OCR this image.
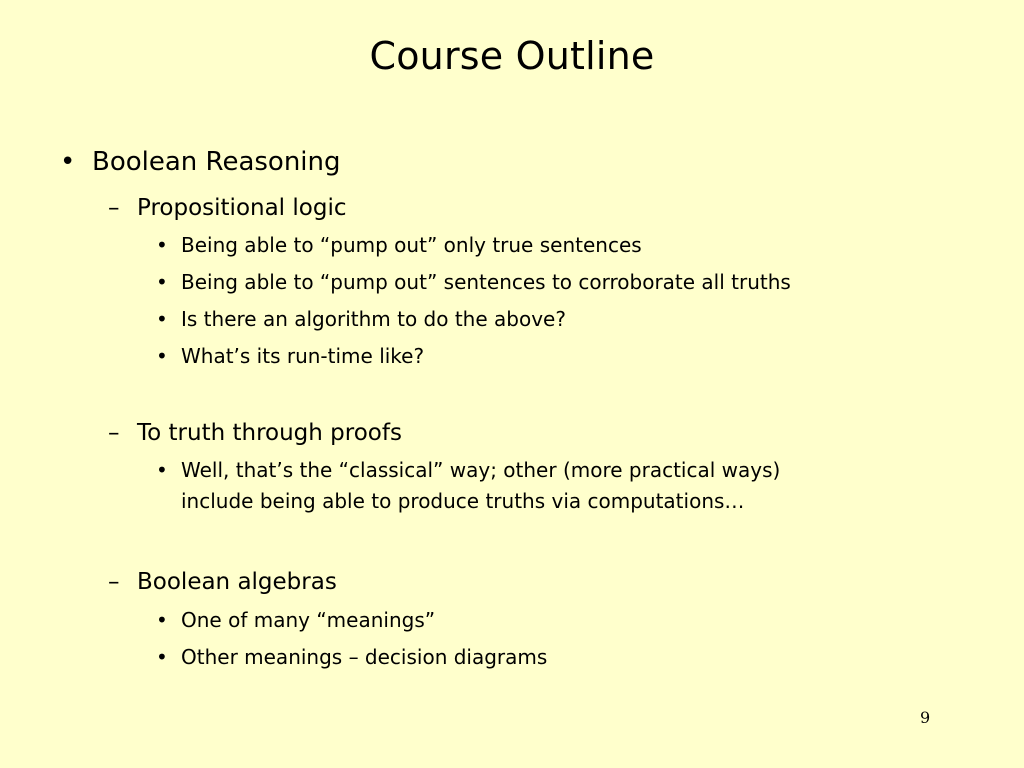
Course Outline
• Boolean Reasoning
– Propositional logic
• Being able to “pump out” only true sentences
• Being able to “pump out” sentences to corroborate all truths
• Is there an algorithm to do the above?
• What’s its run-time like?
– To truth through proofs
• Well, that’s the “classical” way; other (more practical ways)
include being able to produce truths via computations…
– Boolean algebras
• One of many “meanings”
• Other meanings – decision diagrams
9
